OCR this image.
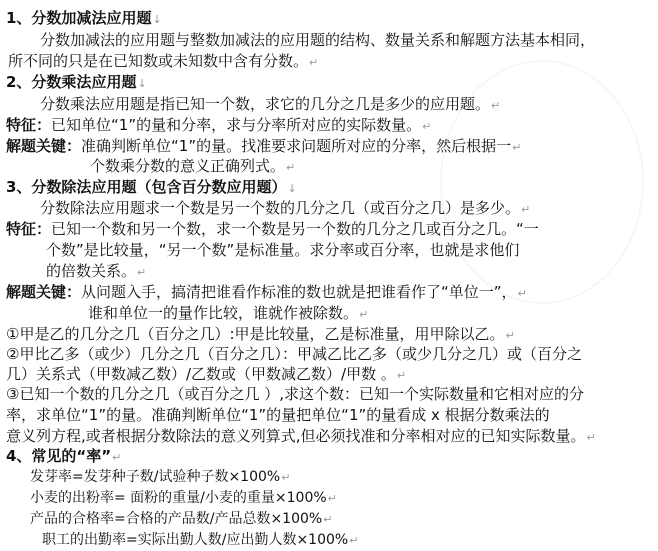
1、分数加减法应用题↓
分数加减法的应用题与整数加减法的应用题的结构、数量关系和解题方法基本相同，
所不同的只是在已知数或未知数中含有分数。↵
2、分数乘法应用题↓
分数乘法应用题是指已知一个数，求它的几分之几是多少的应用题。↵
特征：已知单位“1”的量和分率，求与分率所对应的实际数量。↵
解题关键：准确判断单位“1”的量。找准要求问题所对应的分率，然后根据一↵
个数乘分数的意义正确列式。↵
3、分数除法应用题（包含百分数应用题）↓
分数除法应用题求一个数是另一个数的几分之几（或百分之几）是多少。↵
特征：已知一个数和另一个数，求一个数是另一个数的几分之几或百分之几。“一
个数”是比较量，“另一个数”是标准量。求分率或百分率，也就是求他们
的倍数关系。↵
解题关键：从问题入手，搞清把谁看作标准的数也就是把谁看作了“单位一”，↵
谁和单位一的量作比较，谁就作被除数。↵
①甲是乙的几分之几（百分之几）:甲是比较量，乙是标准量，用甲除以乙。↵
②甲比乙多（或少）几分之几（百分之几）：甲减乙比乙多（或少几分之几）或（百分之
几）关系式（甲数减乙数）/乙数或（甲数减乙数）/甲数 。↵
③已知一个数的几分之几（或百分之几 ）,求这个数：已知一个实际数量和它相对应的分
率，求单位“1”的量。准确判断单位“1”的量把单位“1”的量看成 x 根据分数乘法的
意义列方程,或者根据分数除法的意义列算式,但必须找准和分率相对应的已知实际数量。↵
4、常见的“率”↵
发芽率=发芽种子数/试验种子数×100%↵
小麦的出粉率= 面粉的重量/小麦的重量×100%↵
产品的合格率=合格的产品数/产品总数×100%↵
职工的出勤率=实际出勤人数/应出勤人数×100%↵
